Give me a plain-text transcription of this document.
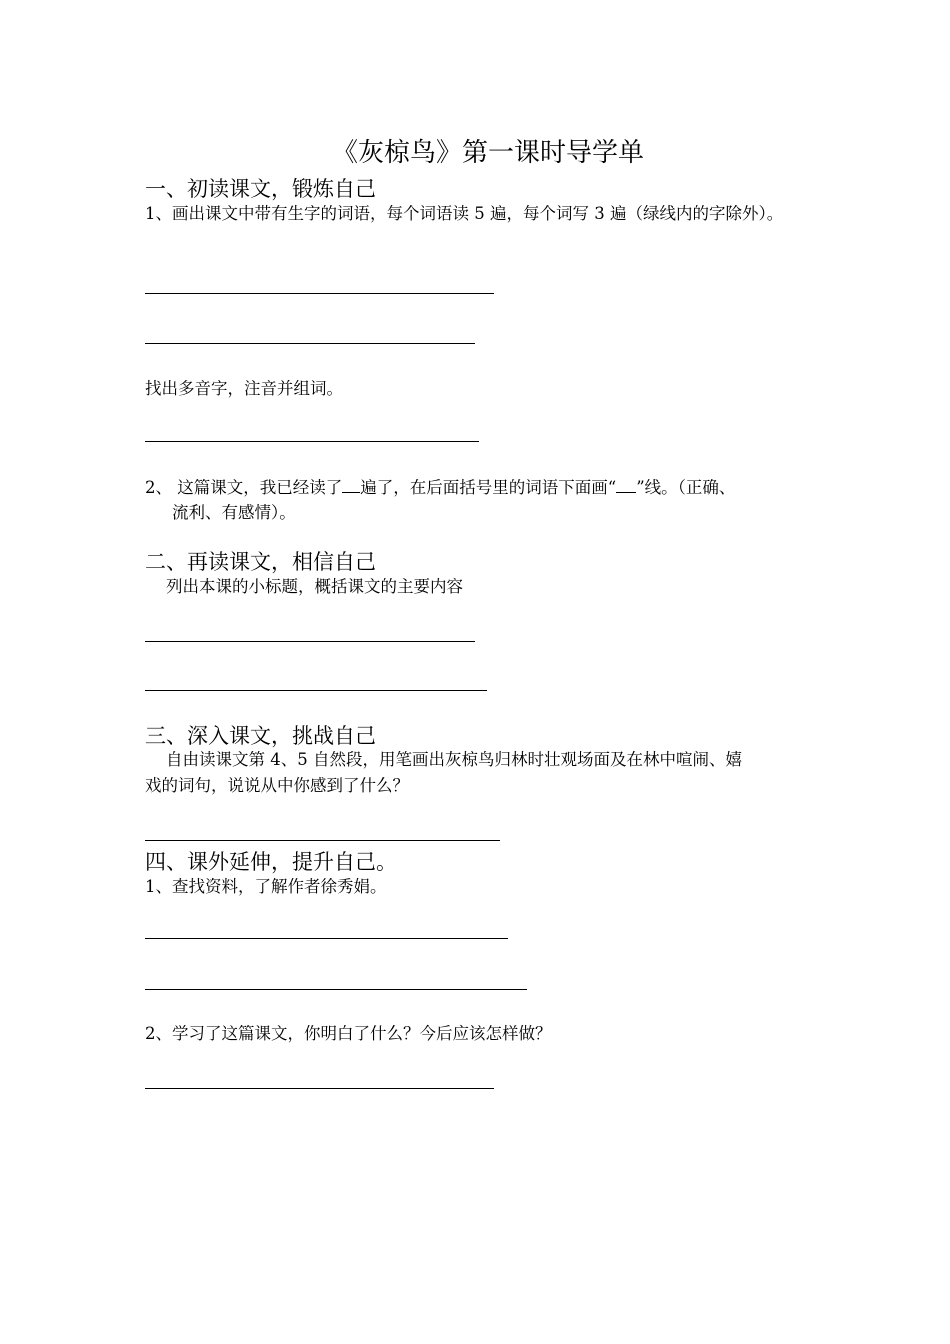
《灰椋鸟》第一课时导学单
一、初读课文，锻炼自己
1、画出课文中带有生字的词语，每个词语读 5 遍，每个词写 3 遍（绿线内的字除外）。
找出多音字，注音并组词。
2、 这篇课文，我已经读了 遍了，在后面括号里的词语下面画“ ”线。（正确、
流利、有感情）。
二、再读课文，相信自己
列出本课的小标题，概括课文的主要内容
三、深入课文，挑战自己
自由读课文第 4、5 自然段，用笔画出灰椋鸟归林时壮观场面及在林中喧闹、嬉
戏的词句，说说从中你感到了什么？
四、课外延伸，提升自己。
1、查找资料，了解作者徐秀娟。
2、学习了这篇课文，你明白了什么？今后应该怎样做？
